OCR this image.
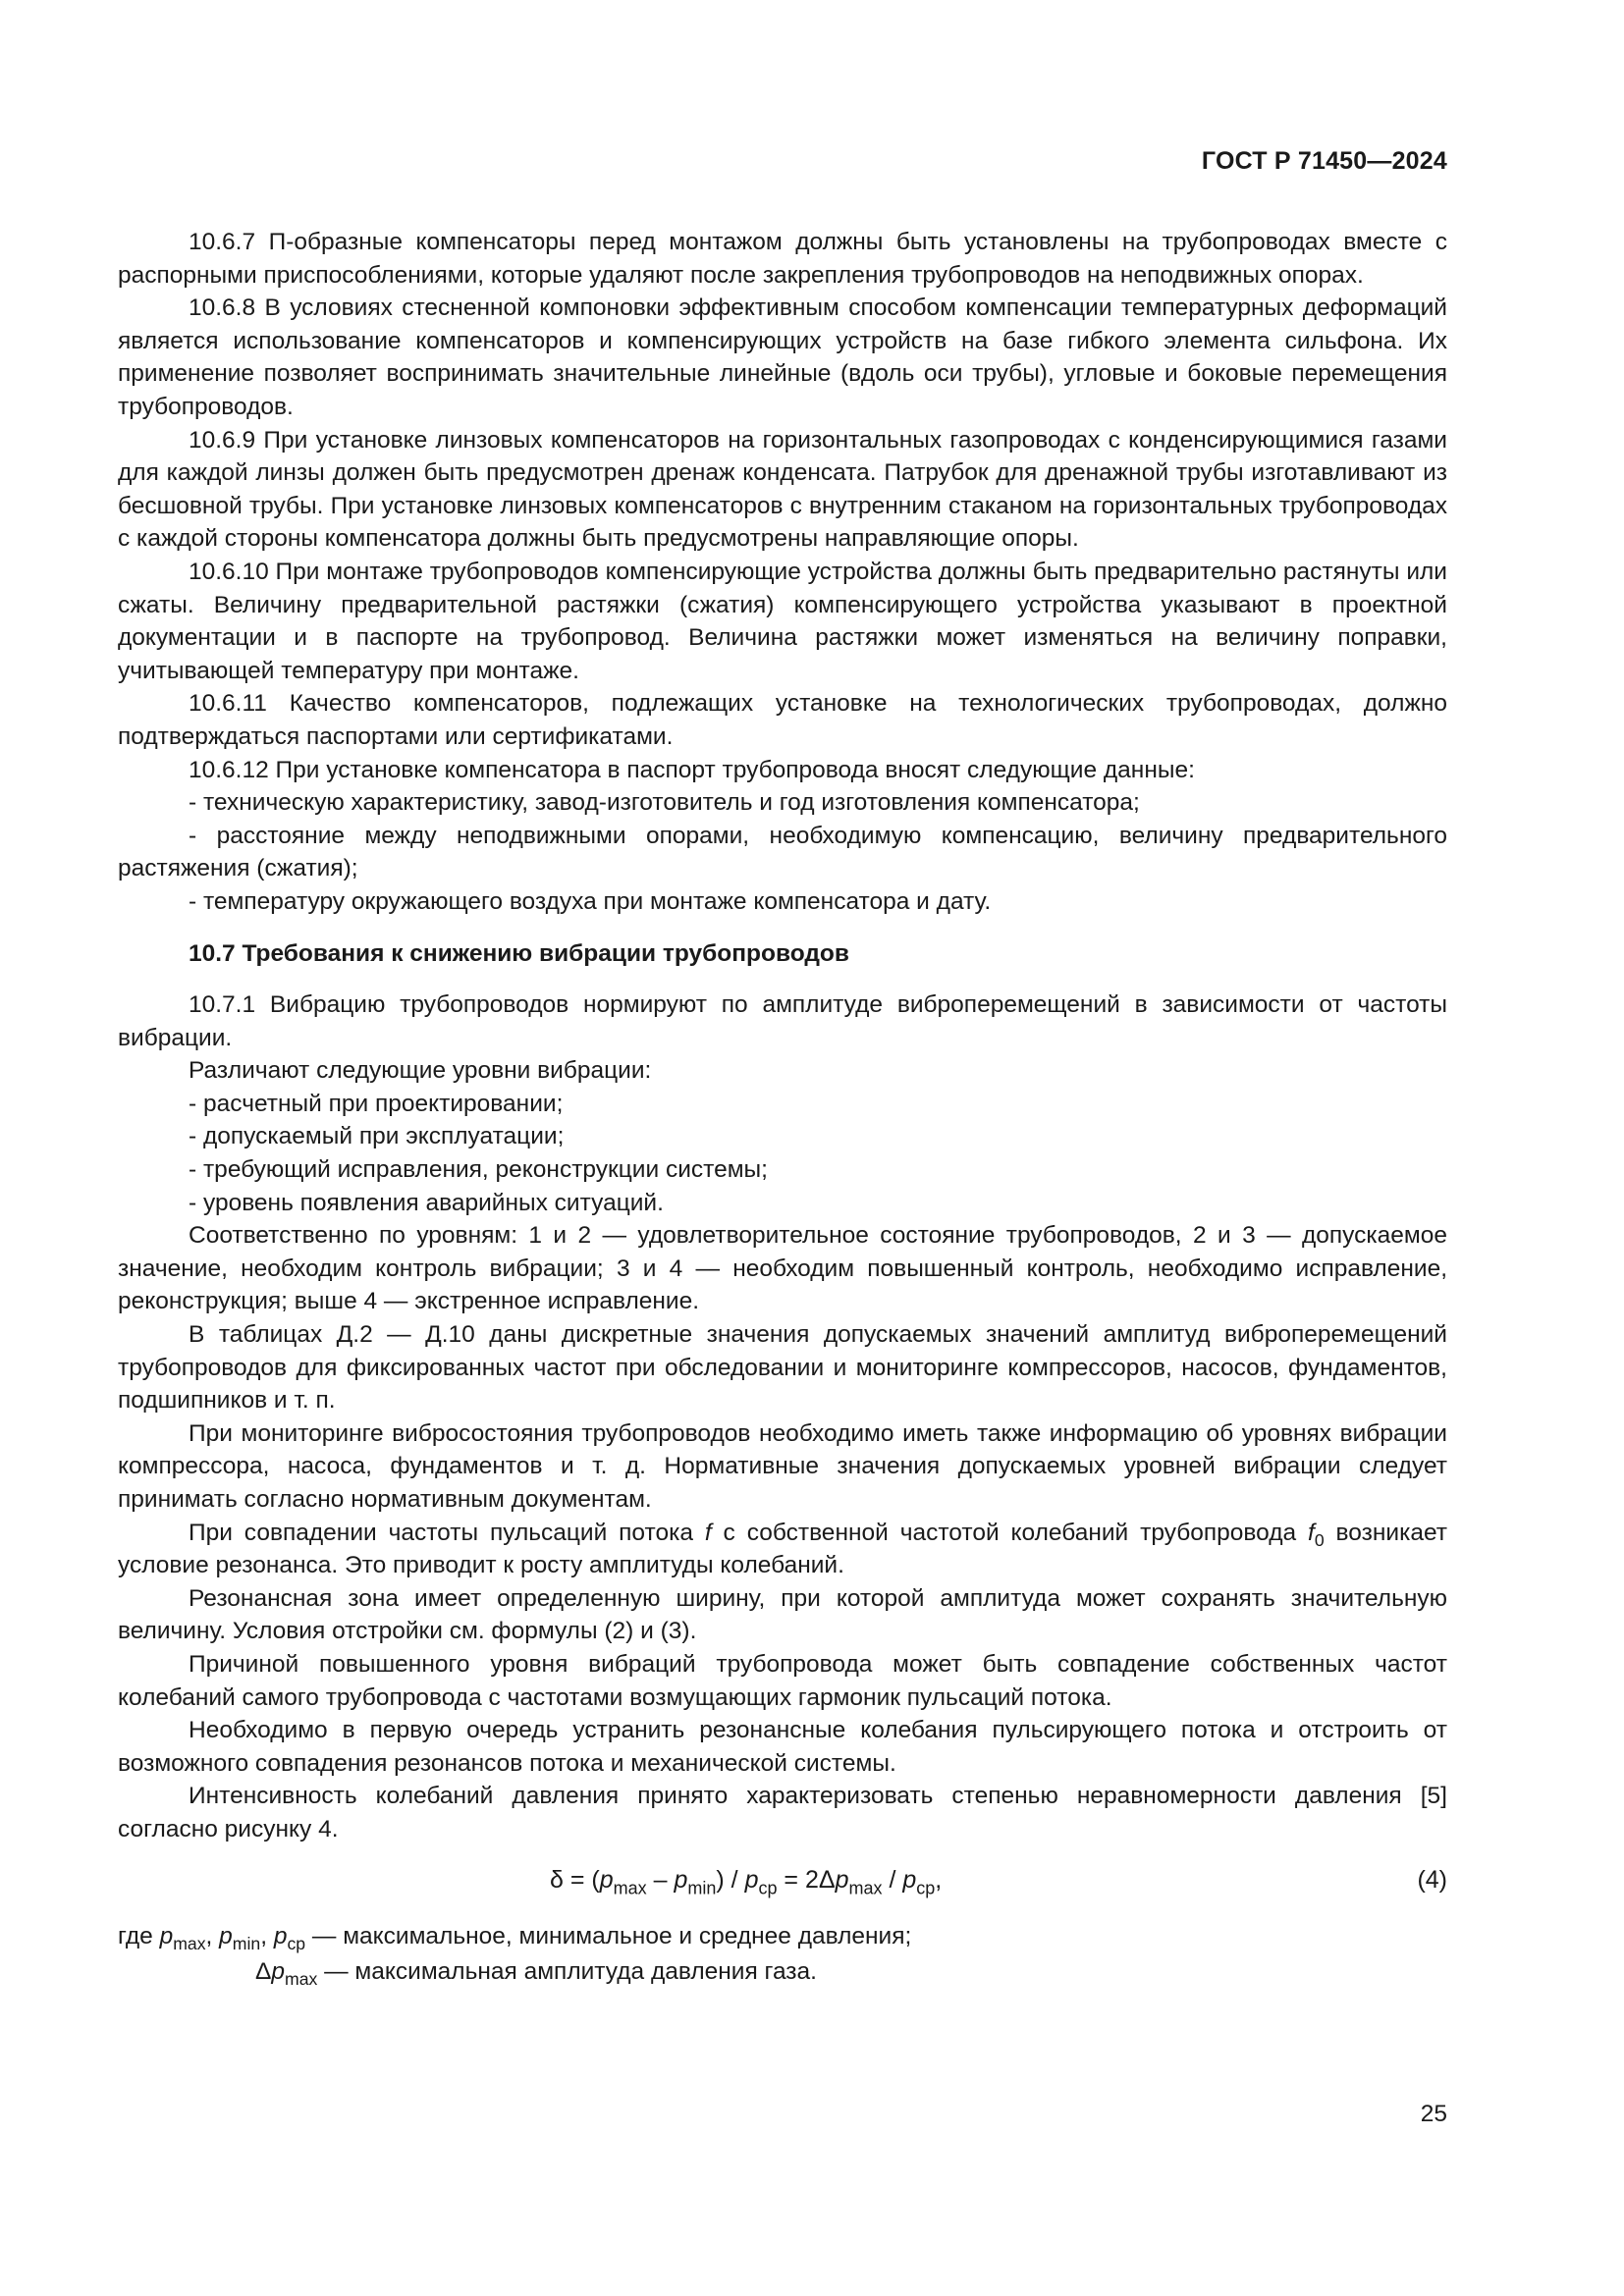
ГОСТ Р 71450—2024

10.6.7 П-образные компенсаторы перед монтажом должны быть установлены на трубопроводах вместе с распорными приспособлениями, которые удаляют после закрепления трубопроводов на неподвижных опорах.

10.6.8 В условиях стесненной компоновки эффективным способом компенсации температурных деформаций является использование компенсаторов и компенсирующих устройств на базе гибкого элемента сильфона. Их применение позволяет воспринимать значительные линейные (вдоль оси трубы), угловые и боковые перемещения трубопроводов.

10.6.9 При установке линзовых компенсаторов на горизонтальных газопроводах с конденсирующимися газами для каждой линзы должен быть предусмотрен дренаж конденсата. Патрубок для дренажной трубы изготавливают из бесшовной трубы. При установке линзовых компенсаторов с внутренним стаканом на горизонтальных трубопроводах с каждой стороны компенсатора должны быть предусмотрены направляющие опоры.

10.6.10 При монтаже трубопроводов компенсирующие устройства должны быть предварительно растянуты или сжаты. Величину предварительной растяжки (сжатия) компенсирующего устройства указывают в проектной документации и в паспорте на трубопровод. Величина растяжки может изменяться на величину поправки, учитывающей температуру при монтаже.

10.6.11 Качество компенсаторов, подлежащих установке на технологических трубопроводах, должно подтверждаться паспортами или сертификатами.

10.6.12 При установке компенсатора в паспорт трубопровода вносят следующие данные:

- техническую характеристику, завод-изготовитель и год изготовления компенсатора;

- расстояние между неподвижными опорами, необходимую компенсацию, величину предварительного растяжения (сжатия);

- температуру окружающего воздуха при монтаже компенсатора и дату.

10.7 Требования к снижению вибрации трубопроводов

10.7.1 Вибрацию трубопроводов нормируют по амплитуде виброперемещений в зависимости от частоты вибрации.

Различают следующие уровни вибрации:

- расчетный при проектировании;

- допускаемый при эксплуатации;

- требующий исправления, реконструкции системы;

- уровень появления аварийных ситуаций.

Соответственно по уровням: 1 и 2 — удовлетворительное состояние трубопроводов, 2 и 3 — допускаемое значение, необходим контроль вибрации; 3 и 4 — необходим повышенный контроль, необходимо исправление, реконструкция; выше 4 — экстренное исправление.

В таблицах Д.2 — Д.10 даны дискретные значения допускаемых значений амплитуд виброперемещений трубопроводов для фиксированных частот при обследовании и мониторинге компрессоров, насосов, фундаментов, подшипников и т. п.

При мониторинге вибросостояния трубопроводов необходимо иметь также информацию об уровнях вибрации компрессора, насоса, фундаментов и т. д. Нормативные значения допускаемых уровней вибрации следует принимать согласно нормативным документам.

При совпадении частоты пульсаций потока f с собственной частотой колебаний трубопровода $f_0$ возникает условие резонанса. Это приводит к росту амплитуды колебаний.

Резонансная зона имеет определенную ширину, при которой амплитуда может сохранять значительную величину. Условия отстройки см. формулы (2) и (3).

Причиной повышенного уровня вибраций трубопровода может быть совпадение собственных частот колебаний самого трубопровода с частотами возмущающих гармоник пульсаций потока.

Необходимо в первую очередь устранить резонансные колебания пульсирующего потока и отстроить от возможного совпадения резонансов потока и механической системы.

Интенсивность колебаний давления принято характеризовать степенью неравномерности давления [5] согласно рисунку 4.

$\delta = (p_{max} - p_{min}) / p_{ср} = 2\Delta p_{max} / p_{ср}$,	(4)
где $p_{max}$, $p_{min}$, $p_{ср}$ — максимальное, минимальное и среднее давления;
$\Delta p_{max}$ — максимальная амплитуда давления газа.
25
